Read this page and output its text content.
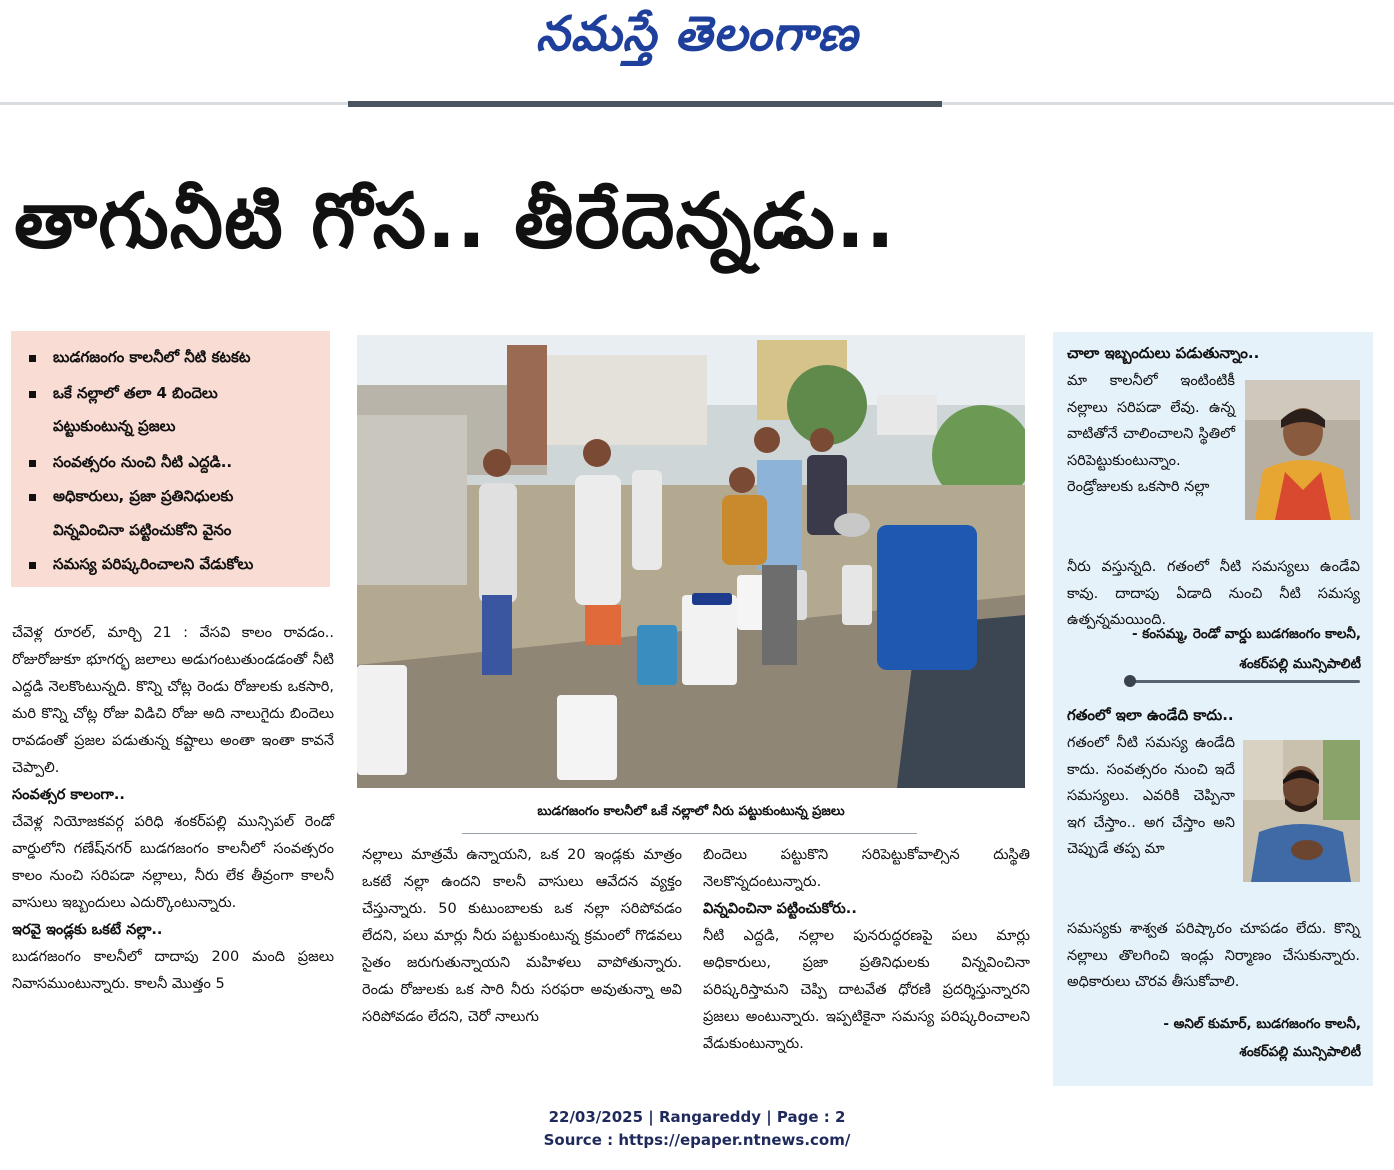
నమస్తే తెలంగాణ
తాగునీటి గోస.. తీరేదెన్నడు..
బుడగజంగం కాలనీలో నీటి కటకట
ఒకే నల్లాలో తలా 4 బిందెలు
పట్టుకుంటున్న ప్రజలు
సంవత్సరం నుంచి నీటి ఎద్దడి..
అధికారులు, ప్రజా ప్రతినిధులకు
విన్నవించినా పట్టించుకోని వైనం
సమస్య పరిష్కరించాలని వేడుకోలు
బుడగజంగం కాలనీలో ఒకే నల్లాలో నీరు పట్టుకుంటున్న ప్రజలు

చేవెళ్ల రూరల్‌, మార్చి 21 : వేసవి కాలం రావడం.. రోజురోజుకూ భూగర్భ జలాలు అడుగంటుతుండడంతో నీటి ఎద్దడి నెలకొంటున్నది. కొన్ని చోట్ల రెండు రోజులకు ఒకసారి, మరి కొన్ని చోట్ల రోజు విడిచి రోజు అది నాలుగైదు బిందెలు రావడంతో ప్రజల పడుతున్న కష్టాలు అంతా ఇంతా కావనే చెప్పాలి.

సంవత్సర కాలంగా..

చేవెళ్ల నియోజకవర్గ పరిధి శంకర్‌పల్లి మున్సిపల్‌ రెండో వార్డులోని గణేష్‌నగర్‌ బుడగజంగం కాలనీలో సంవత్సరం కాలం నుంచి సరిపడా నల్లాలు, నీరు లేక తీవ్రంగా కాలనీ వాసులు ఇబ్బందులు ఎదుర్కొంటున్నారు.

ఇరవై ఇండ్లకు ఒకటే నల్లా..

బుడగజంగం కాలనీలో దాదాపు 200 మంది ప్రజలు నివాసముంటున్నారు. కాలనీ మొత్తం 5

నల్లాలు మాత్రమే ఉన్నాయని, ఒక 20 ఇండ్లకు మాత్రం ఒకటే నల్లా ఉందని కాలనీ వాసులు ఆవేదన వ్యక్తం చేస్తున్నారు. 50 కుటుంబాలకు ఒక నల్లా సరిపోవడం లేదని, పలు మార్లు నీరు పట్టుకుంటున్న క్రమంలో గొడవలు సైతం జరుగుతున్నాయని మహిళలు వాపోతున్నారు. రెండు రోజులకు ఒక సారి నీరు సరఫరా అవుతున్నా అవి సరిపోవడం లేదని, చెరో నాలుగు

బిందెలు పట్టుకొని సరిపెట్టుకోవాల్సిన దుస్థితి నెలకొన్నదంటున్నారు.

విన్నవించినా పట్టించుకోరు..

నీటి ఎద్దడి, నల్లాల పునరుద్ధరణపై పలు మార్లు అధికారులు, ప్రజా ప్రతినిధులకు విన్నవించినా పరిష్కరిస్తామని చెప్పి దాటవేత ధోరణి ప్రదర్శిస్తున్నారని ప్రజలు అంటున్నారు. ఇప్పటికైనా సమస్య పరిష్కరించాలని వేడుకుంటున్నారు.

చాలా ఇబ్బందులు పడుతున్నాం..
మా కాలనీలో ఇంటింటికీ నల్లాలు సరిపడా లేవు. ఉన్న వాటితోనే చాలించాలని స్థితిలో సరిపెట్టుకుంటున్నాం. రెండ్రోజులకు ఒకసారి నల్లా
నీరు వస్తున్నది. గతంలో నీటి సమస్యలు ఉండేవి కావు. దాదాపు ఏడాది నుంచి నీటి సమస్య ఉత్పన్నమయింది.
- కంసమ్మ, రెండో వార్డు బుడగజంగం కాలనీ,
శంకర్‌పల్లి మున్సిపాలిటీ
గతంలో ఇలా ఉండేది కాదు..
గతంలో నీటి సమస్య ఉండేది కాదు. సంవత్సరం నుంచి ఇదే సమస్యలు. ఎవరికి చెప్పినా ఇగ చేస్తాం.. అగ చేస్తాం అని చెప్పుడే తప్ప మా
సమస్యకు శాశ్వత పరిష్కారం చూపడం లేదు. కొన్ని నల్లాలు తొలగించి ఇండ్లు నిర్మాణం చేసుకున్నారు. అధికారులు చొరవ తీసుకోవాలి.
- అనిల్‌ కుమార్‌, బుడగజంగం కాలనీ,
శంకర్‌పల్లి మున్సిపాలిటీ
22/03/2025 | Rangareddy | Page : 2
Source : https://epaper.ntnews.com/
